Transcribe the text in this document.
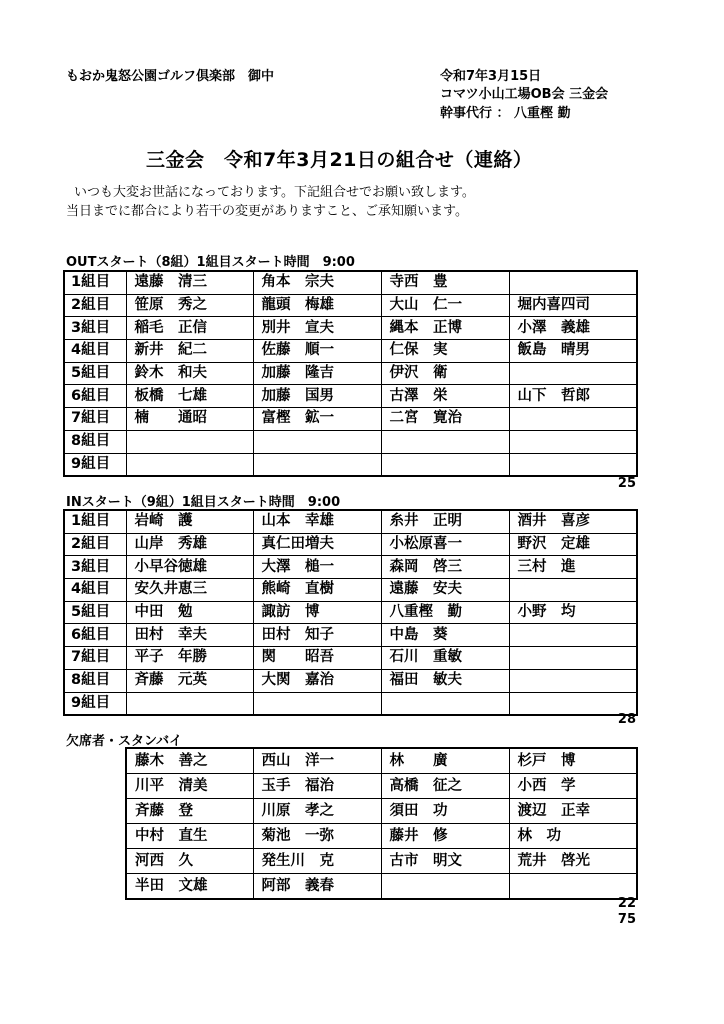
もおか鬼怒公園ゴルフ倶楽部　御中	令和7年3月15日
コマツ小山工場OB会 三金会
幹事代行 ： 八重樫 勤
三金会　令和7年3月21日の組合せ（連絡）
いつも大変お世話になっております。下記組合せでお願い致します。
当日までに都合により若干の変更がありますこと、ご承知願います。
OUTスタート（8組）1組目スタート時間　9:00
1組目	遠藤　清三	角本　宗夫	寺西　豊	
2組目	笹原　秀之	龍頭　梅雄	大山　仁一	堀内喜四司
3組目	稲毛　正信	別井　宣夫	縄本　正博	小澤　義雄
4組目	新井　紀二	佐藤　順一	仁保　実	飯島　晴男
5組目	鈴木　和夫	加藤　隆吉	伊沢　衛	
6組目	板橋　七雄	加藤　国男	古澤　栄	山下　哲郎
7組目	楠　　通昭	富樫　鉱一	二宮　寛治	
8組目				
9組目				
25
INスタート（9組）1組目スタート時間　9:00
1組目	岩崎　護	山本　幸雄	糸井　正明	酒井　喜彦
2組目	山岸　秀雄	真仁田増夫	小松原喜一	野沢　定雄
3組目	小早谷徳雄	大澤　槌一	森岡　啓三	三村　進
4組目	安久井恵三	熊崎　直樹	遠藤　安夫	
5組目	中田　勉	諏訪　博	八重樫　勤	小野　均
6組目	田村　幸夫	田村　知子	中島　葵	
7組目	平子　年勝	関　　昭吾	石川　重敏	
8組目	斉藤　元英	大関　嘉治	福田　敏夫	
9組目				
28
欠席者・スタンバイ
藤木　善之	西山　洋一	林　　廣	杉戸　博
川平　清美	玉手　福治	高橋　征之	小西　学
斉藤　登	川原　孝之	須田　功	渡辺　正幸
中村　直生	菊池　一弥	藤井　修	林　功
河西　久	発生川　克	古市　明文	荒井　啓光
半田　文雄	阿部　義春		
22
75
